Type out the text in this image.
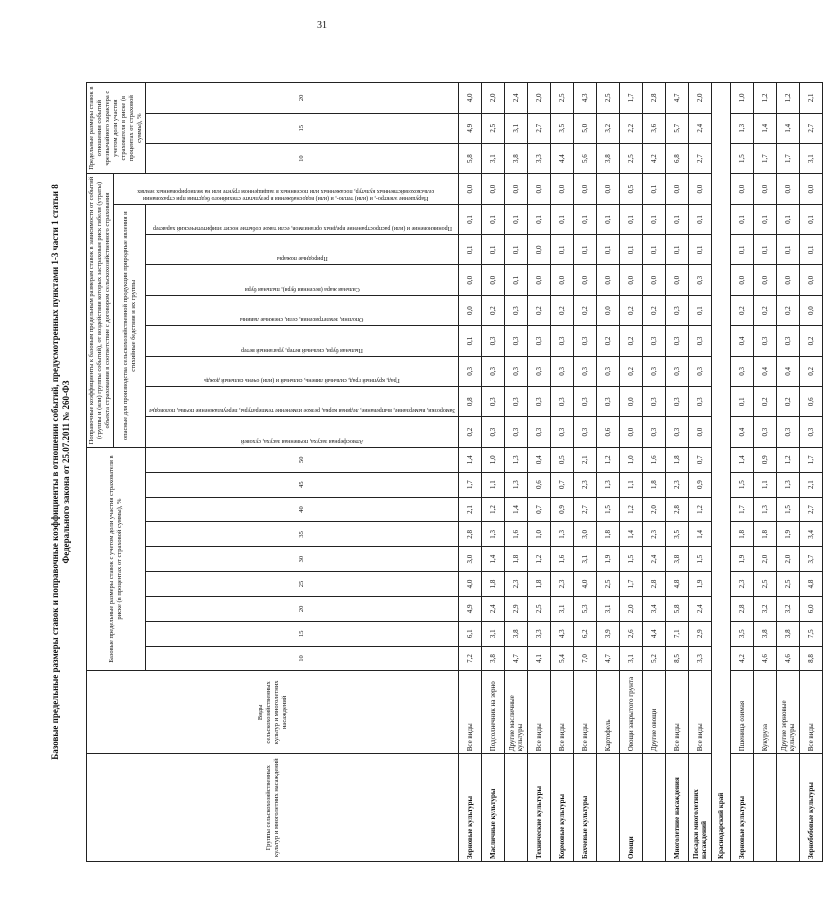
31
Базовые предельные размеры ставок и поправочные коэффициенты в отношении событий, предусмотренных пунктами 1-3 части 1 статьи 8 Федерального закона от 25.07.2011 № 260-ФЗ
Группы сельскохозяйственных культур и многолетних насаждений	Виды сельскохозяйственных культур и многолетних насаждений	Базовые предельные размеры ставок с учетом доли участия страхователя в риске (в процентах от страховой суммы), %									Поправочные коэффициенты к базовым предельным размерам ставок в зависимости от событий (группы и (или) группы событий), от воздействия которых застрахован риск гибели (утраты) объекта страхования в соответствие с договором сельскохозяйственного страхования									Предельные размеры ставок в отношении событий чрезвычайного характера с учетом доли участия страхователя в риске (в процентах от страховой суммы), %		
											опасные для производства сельскохозяйственной продукции природные явления и стихийные бедствия и их группы								Нарушение электро-, и (или) тепло-, и (или) водоснабжения в результате стихийного бедствия при страховании сельскохозяйственных культур, посаженных или посеянных в защищенном грунте или на мелиорированных землях			

		10	15	20	25	30	35	40	45	50	Атмосферная засуха, почвенная засуха, суховей	Заморозки, вымерзание, выпревание, ледяная корка, резкое изменение температуры, переувлажнение почвы, половодье	Град, крупный град, сильный ливень, сильный и (или) очень сильный дождь	Пыльная буря, сильный ветер, ураганный ветер	Оползни, землетрясения, сели, снежные лавины	Сильная жара (весенняя буря), пыльная буря	Природные пожары	Проникновение и (или) распространение вредных организмов, если такое событие носит эпифитотический характер		10	15	20
Зерновые культуры	Все виды	7,2	6,1	4,9	4,0	3,0	2,8	2,1	1,7	1,4	0,2	0,8	0,3	0,1	0,0	0,0	0,1	0,1	0,0	5,8	4,9	4,0
Масличные культуры	Подсолнечник на зерно	3,8	3,1	2,4	1,8	1,4	1,3	1,2	1,1	1,0	0,3	0,3	0,3	0,3	0,2	0,0	0,1	0,1	0,0	3,1	2,5	2,0
	Другие масличные культуры	4,7	3,8	2,9	2,3	1,8	1,6	1,4	1,3	1,3	0,3	0,3	0,3	0,3	0,3	0,1	0,1	0,1	0,0	3,8	3,1	2,4
Технические культуры	Все виды	4,1	3,3	2,5	1,8	1,2	1,0	0,7	0,6	0,4	0,3	0,3	0,3	0,3	0,2	0,0	0,0	0,1	0,0	3,3	2,7	2,0
Кормовые культуры	Все виды	5,4	4,3	3,1	2,3	1,6	1,3	0,9	0,7	0,5	0,3	0,3	0,3	0,3	0,2	0,0	0,1	0,1	0,0	4,4	3,5	2,5
Бахчевые культуры	Все виды	7,0	6,2	5,3	4,0	3,1	3,0	2,7	2,3	2,1	0,3	0,3	0,3	0,3	0,2	0,0	0,1	0,1	0,0	5,6	5,0	4,3
	Картофель	4,7	3,9	3,1	2,5	1,9	1,8	1,5	1,3	1,2	0,6	0,3	0,3	0,2	0,0	0,0	0,1	0,1	0,0	3,8	3,2	2,5
Овощи	Овощи закрытого грунта	3,1	2,6	2,0	1,7	1,5	1,4	1,2	1,1	1,0	0,0	0,0	0,2	0,2	0,2	0,0	0,1	0,1	0,5	2,5	2,2	1,7
	Другие овощи	5,2	4,4	3,4	2,8	2,4	2,3	2,0	1,8	1,6	0,3	0,3	0,3	0,3	0,2	0,0	0,1	0,1	0,1	4,2	3,6	2,8
Многолетние насаждения	Все виды	8,5	7,1	5,8	4,8	3,8	3,5	2,8	2,3	1,8	0,3	0,3	0,3	0,3	0,3	0,0	0,1	0,1	0,0	6,8	5,7	4,7
Посадки многолетних насаждений	Все виды	3,3	2,9	2,4	1,9	1,5	1,4	1,2	0,9	0,7	0,0	0,3	0,3	0,3	0,1	0,3	0,1	0,1	0,0	2,7	2,4	2,0
Краснодарский край																						
Зерновые культуры	Пшеница озимая	4,2	3,5	2,8	2,3	1,9	1,8	1,7	1,5	1,4	0,4	0,1	0,3	0,4	0,2	0,0	0,1	0,1	0,0	1,5	1,3	1,0
	Кукуруза	4,6	3,8	3,2	2,5	2,0	1,8	1,3	1,1	0,9	0,3	0,2	0,4	0,3	0,2	0,0	0,1	0,1	0,0	1,7	1,4	1,2
	Другие зерновые культуры	4,6	3,8	3,2	2,5	2,0	1,9	1,5	1,3	1,2	0,3	0,2	0,4	0,3	0,2	0,0	0,1	0,1	0,0	1,7	1,4	1,2
Зернобобовые культуры	Все виды	8,8	7,5	6,0	4,8	3,7	3,4	2,7	2,1	1,7	0,3	0,6	0,2	0,2	0,0	0,0	0,1	0,1	0,0	3,1	2,7	2,1
